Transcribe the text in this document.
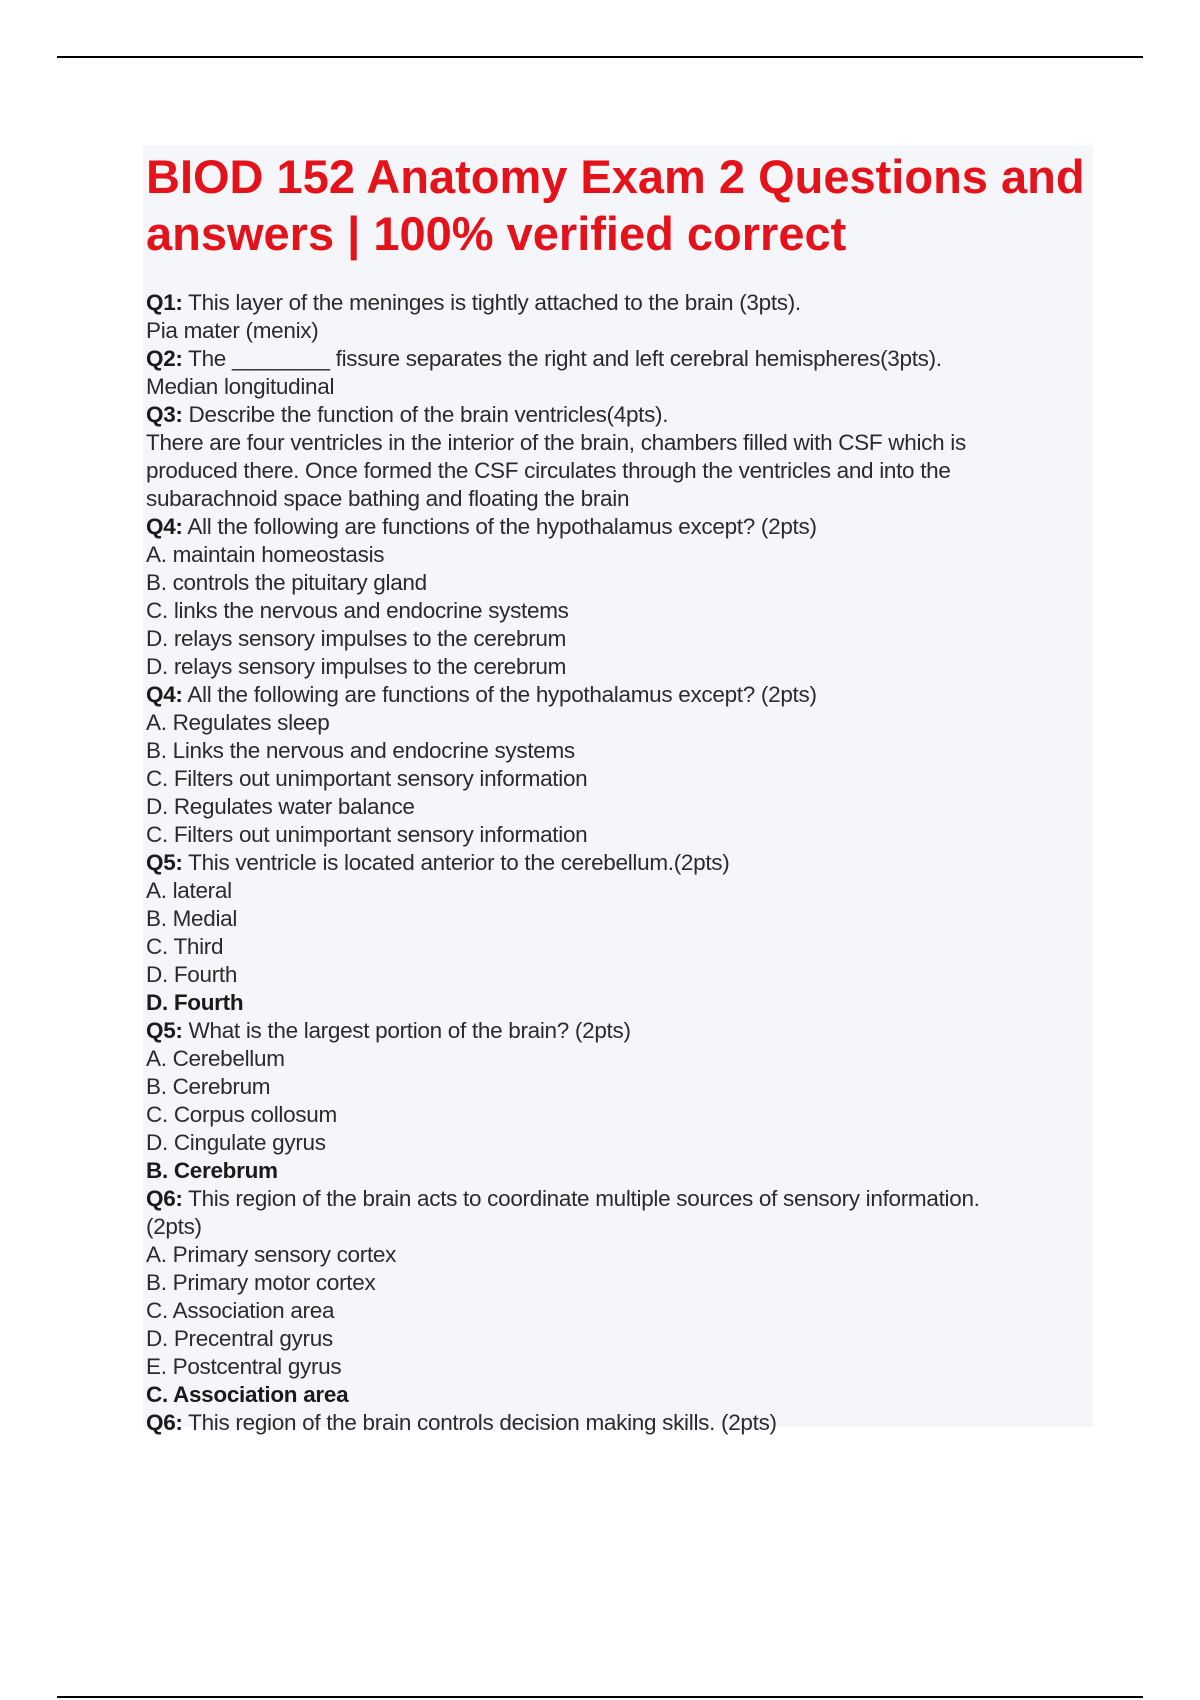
BIOD 152 Anatomy Exam 2 Questions and answers | 100% verified correct
Q1: This layer of the meninges is tightly attached to the brain (3pts).
Pia mater (menix)
Q2: The ________ fissure separates the right and left cerebral hemispheres(3pts).
Median longitudinal
Q3: Describe the function of the brain ventricles(4pts).
There are four ventricles in the interior of the brain, chambers filled with CSF which is
produced there. Once formed the CSF circulates through the ventricles and into the
subarachnoid space bathing and floating the brain
Q4: All the following are functions of the hypothalamus except? (2pts)
A. maintain homeostasis
B. controls the pituitary gland
C. links the nervous and endocrine systems
D. relays sensory impulses to the cerebrum
D. relays sensory impulses to the cerebrum
Q4: All the following are functions of the hypothalamus except? (2pts)
A. Regulates sleep
B. Links the nervous and endocrine systems
C. Filters out unimportant sensory information
D. Regulates water balance
C. Filters out unimportant sensory information
Q5: This ventricle is located anterior to the cerebellum.(2pts)
A. lateral
B. Medial
C. Third
D. Fourth
D. Fourth
Q5: What is the largest portion of the brain? (2pts)
A. Cerebellum
B. Cerebrum
C. Corpus collosum
D. Cingulate gyrus
B. Cerebrum
Q6: This region of the brain acts to coordinate multiple sources of sensory information.
(2pts)
A. Primary sensory cortex
B. Primary motor cortex
C. Association area
D. Precentral gyrus
E. Postcentral gyrus
C. Association area
Q6: This region of the brain controls decision making skills. (2pts)
